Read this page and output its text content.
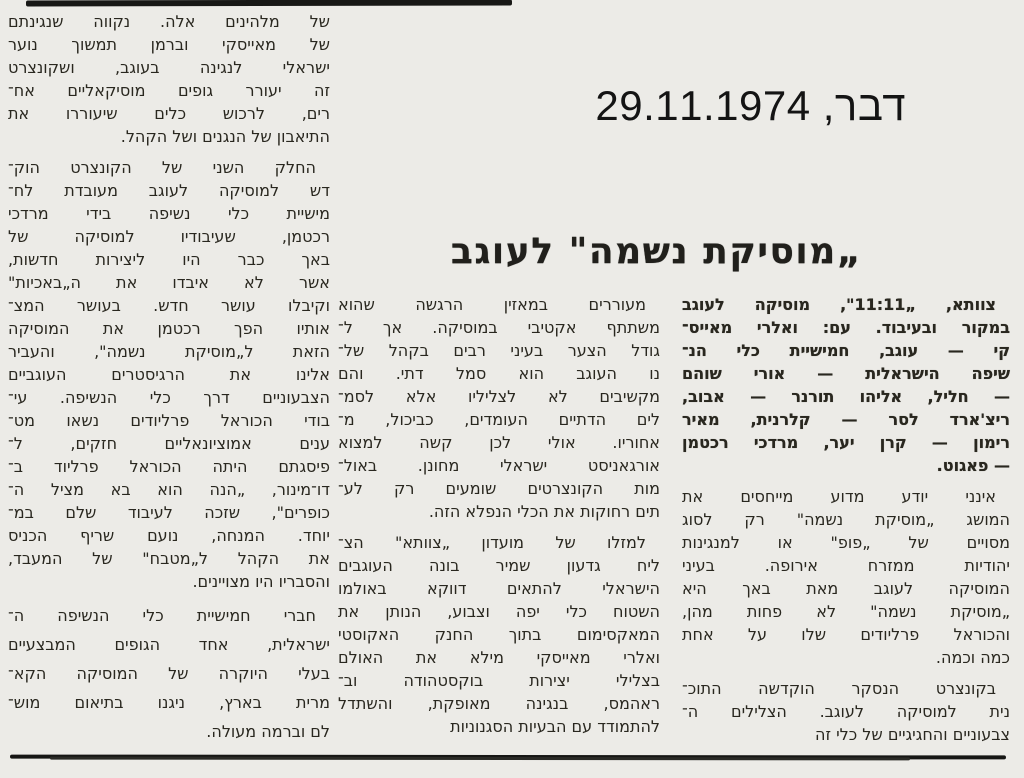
דבר, 29.11.1974
„מוסיקת נשמה" לעוגב
של מלהינים אלה. נקווה שנגינתם
של מאייסקי וברמן תמשוך נוער
ישראלי לנגינה בעוגב, ושקונצרט
זה יעורר גופים מוסיקאליים אח־
רים, לרכוש כלים שיעוררו את
התיאבון של הנגנים ושל הקהל.
החלק השני של הקונצרט הוק־
דש למוסיקה לעוגב מעובדת לח־
מישיית כלי נשיפה בידי מרדכי
רכטמן, שעיבודיו למוסיקה של
באך כבר היו ליצירות חדשות,
אשר לא איבדו את ה„באכיות"
וקיבלו עושר חדש. בעושר המצ־
אותיו הפך רכטמן את המוסיקה
הזאת ל„מוסיקת נשמה", והעביר
אלינו את הרגיסטרים העוגביים
הצבעוניים דרך כלי הנשיפה. עי־
בודי הכוראל פרליודים נשאו מט־
ענים אמוציונאליים חזקים, ל־
פיסגתם היתה הכוראל פרליוד ב־
דו־מינור, „הנה הוא בא מציל ה־
כופרים", שזכה לעיבוד שלם במ־
יוחד. המנחה, נועם שריף הכניס
את הקהל ל„מטבח" של המעבד,
והסבריו היו מצויינים.
חברי חמישיית כלי הנשיפה ה־
ישראלית, אחד הגופים המבצעיים
בעלי היוקרה של המוסיקה הקא־
מרית בארץ, ניגנו בתיאום מוש־
לם וברמה מעולה.
מעוררים במאזין הרגשה שהוא
משתתף אקטיבי במוסיקה. אך ל־
גודל הצער בעיני רבים בקהל של־
נו העוגב הוא סמל דתי. והם
מקשיבים לא לצליליו אלא לסמ־
לים הדתיים העומדים, כביכול, מ־
אחוריו. אולי לכן קשה למצוא
אורגאניסט ישראלי מחונן. באול־
מות הקונצרטים שומעים רק לע־
תים רחוקות את הכלי הנפלא הזה.
למזלו של מועדון „צוותא" הצ־
ליח גדעון שמיר בונה העוגבים
הישראלי להתאים דווקא באולמו
השטוח כלי יפה וצבוע, הנותן את
המאקסימום בתוך החנק האקוסטי
ואלרי מאייסקי מילא את האולם
בצלילי יצירות בוקסטהודה וב־
ראהמס, בנגינה מאופקת, והשתדל
להתמודד עם הבעיות הסגנוניות
צוותא, „11:11", מוסיקה לעוגב
במקור ובעיבוד. עם: ואלרי מאייס־
קי — עוגב, חמישיית כלי הנ־
שיפה הישראלית — אורי שוהם
— חליל, אליהו תורנר — אבוב,
ריצ'ארד לסר — קלרנית, מאיר
רימון — קרן יער, מרדכי רכטמן
— פאגוט.
אינני יודע מדוע מייחסים את
המושג „מוסיקת נשמה" רק לסוג
מסויים של „פופ" או למנגינות
יהודיות ממזרח אירופה. בעיני
המוסיקה לעוגב מאת באך היא
„מוסיקת נשמה" לא פחות מהן,
והכוראל פרליודים שלו על אחת
כמה וכמה.
בקונצרט הנסקר הוקדשה התוכ־
נית למוסיקה לעוגב. הצלילים ה־
צבעוניים והחגיגיים של כלי זה
